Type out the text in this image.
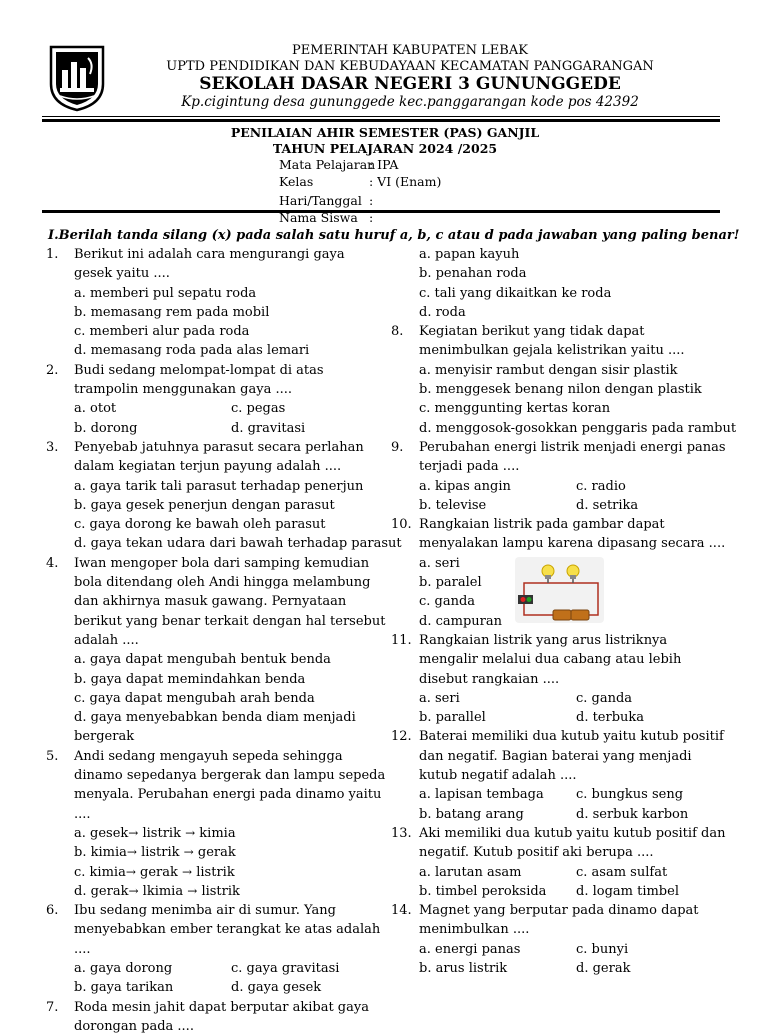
PEMERINTAH KABUPATEN LEBAK
UPTD PENDIDIKAN DAN KEBUDAYAAN KECAMATAN PANGGARANGAN
SEKOLAH DASAR NEGERI 3 GUNUNGGEDE
Kp.cigintung desa gununggede kec.panggarangan kode pos 42392
PENILAIAN AHIR SEMESTER (PAS) GANJIL
TAHUN PELAJARAN 2024 /2025
Mata Pelajaran: IPA
Kelas	: VI (Enam)
Hari/Tanggal :
Nama Siswa :
I.Berilah tanda silang (x) pada salah satu huruf a, b, c atau d pada jawaban yang paling benar!
1. Berikut ini adalah cara mengurangi gaya gesek yaitu ....
a. memberi pul sepatu roda
b. memasang rem pada mobil
c. memberi alur pada roda
d. memasang roda pada alas lemari
2. Budi sedang melompat-lompat di atas trampolin menggunakan gaya ....
a. otot	c. pegas
b. dorong	d. gravitasi
3. Penyebab jatuhnya parasut secara perlahan dalam kegiatan terjun payung adalah ....
a. gaya tarik tali parasut terhadap penerjun
b. gaya gesek penerjun dengan parasut
c. gaya dorong ke bawah oleh parasut
d. gaya tekan udara dari bawah terhadap parasut
4. Iwan mengoper bola dari samping kemudian bola ditendang oleh Andi hingga melambung dan akhirnya masuk gawang. Pernyataan berikut yang benar terkait dengan hal tersebut adalah ....
a. gaya dapat mengubah bentuk benda
b. gaya dapat memindahkan benda
c. gaya dapat mengubah arah benda
d. gaya menyebabkan benda diam menjadi bergerak
5. Andi sedang mengayuh sepeda sehingga dinamo sepedanya bergerak dan lampu sepeda menyala. Perubahan energi pada dinamo yaitu ....
a. gesek→ listrik → kimia
b. kimia→ listrik → gerak
c. kimia→ gerak → listrik
d. gerak→ lkimia → listrik
6. Ibu sedang menimba air di sumur. Yang menyebabkan ember terangkat ke atas adalah ....
a. gaya dorong	c. gaya gravitasi
b. gaya tarikan	d. gaya gesek
7. Roda mesin jahit dapat berputar akibat gaya dorongan pada ....
a. papan kayuh
b. penahan roda
c. tali yang dikaitkan ke roda
d. roda
8. Kegiatan berikut yang tidak dapat menimbulkan gejala kelistrikan yaitu ....
a. menyisir rambut dengan sisir plastik
b. menggesek benang nilon dengan plastik
c. menggunting kertas koran
d. menggosok-gosokkan penggaris pada rambut
9. Perubahan energi listrik menjadi energi panas terjadi pada ....
a. kipas angin	c. radio
b. televise	d. setrika
10. Rangkaian listrik pada gambar dapat menyalakan lampu karena dipasang secara ....
a. seri
b. paralel
c. ganda
d. campuran
11. Rangkaian listrik yang arus listriknya mengalir melalui dua cabang atau lebih disebut rangkaian ....
a. seri	c. ganda
b. parallel	d. terbuka
12. Baterai memiliki dua kutub yaitu kutub positif dan negatif. Bagian baterai yang menjadi kutub negatif adalah ....
a. lapisan tembaga	c. bungkus seng
b. batang arang	d. serbuk karbon
13. Aki memiliki dua kutub yaitu kutub positif dan negatif. Kutub positif aki berupa ....
a. larutan asam	c. asam sulfat
b. timbel peroksida	d. logam timbel
14. Magnet yang berputar pada dinamo dapat menimbulkan ....
a. energi panas	c. bunyi
b. arus listrik	d. gerak
